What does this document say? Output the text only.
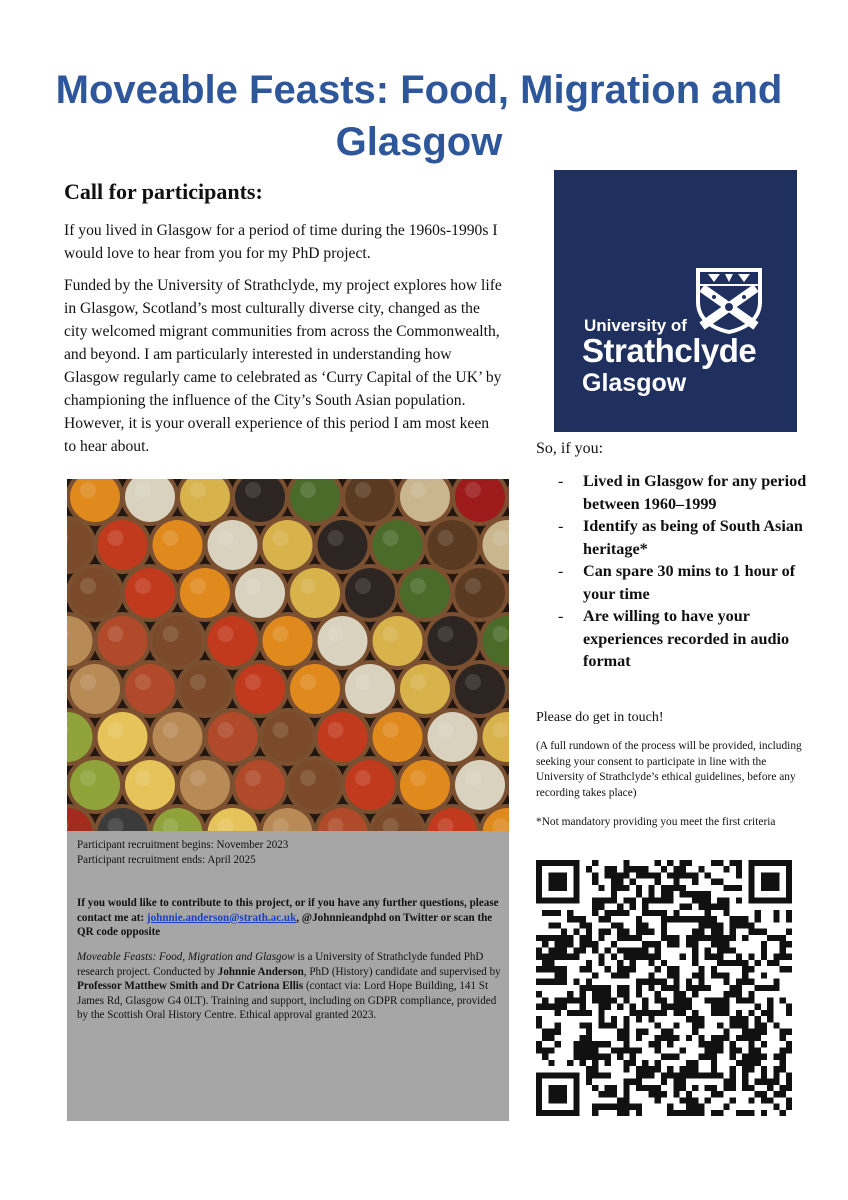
Moveable Feasts: Food, Migration and Glasgow
Call for participants:

If you lived in Glasgow for a period of time during the 1960s-1990s I would love to hear from you for my PhD project.

Funded by the University of Strathclyde, my project explores how life in Glasgow, Scotland’s most culturally diverse city, changed as the city welcomed migrant communities from across the Commonwealth, and beyond. I am particularly interested in understanding how Glasgow regularly came to celebrated as ‘Curry Capital of the UK’ by championing the influence of the City’s South Asian population. However, it is your overall experience of this period I am most keen to hear about.

University of
Strathclyde
Glasgow
So, if you:
- Lived in Glasgow for any period between 1960–1999
- Identify as being of South Asian heritage*
- Can spare 30 mins to 1 hour of your time
- Are willing to have your experiences recorded in audio format
Please do get in touch!

(A full rundown of the process will be provided, including seeking your consent to participate in line with the University of Strathclyde’s ethical guidelines, before any recording takes place)

*Not mandatory providing you meet the first criteria

Participant recruitment begins: November 2023
Participant recruitment ends: April 2025

If you would like to contribute to this project, or if you have any further questions, please contact me at: johnnie.anderson@strath.ac.uk, @Johnnieandphd on Twitter or scan the QR code opposite

Moveable Feasts: Food, Migration and Glasgow is a University of Strathclyde funded PhD research project. Conducted by Johnnie Anderson, PhD (History) candidate and supervised by Professor Matthew Smith and Dr Catriona Ellis (contact via: Lord Hope Building, 141 St James Rd, Glasgow G4 0LT). Training and support, including on GDPR compliance, provided by the Scottish Oral History Centre. Ethical approval granted 2023.
